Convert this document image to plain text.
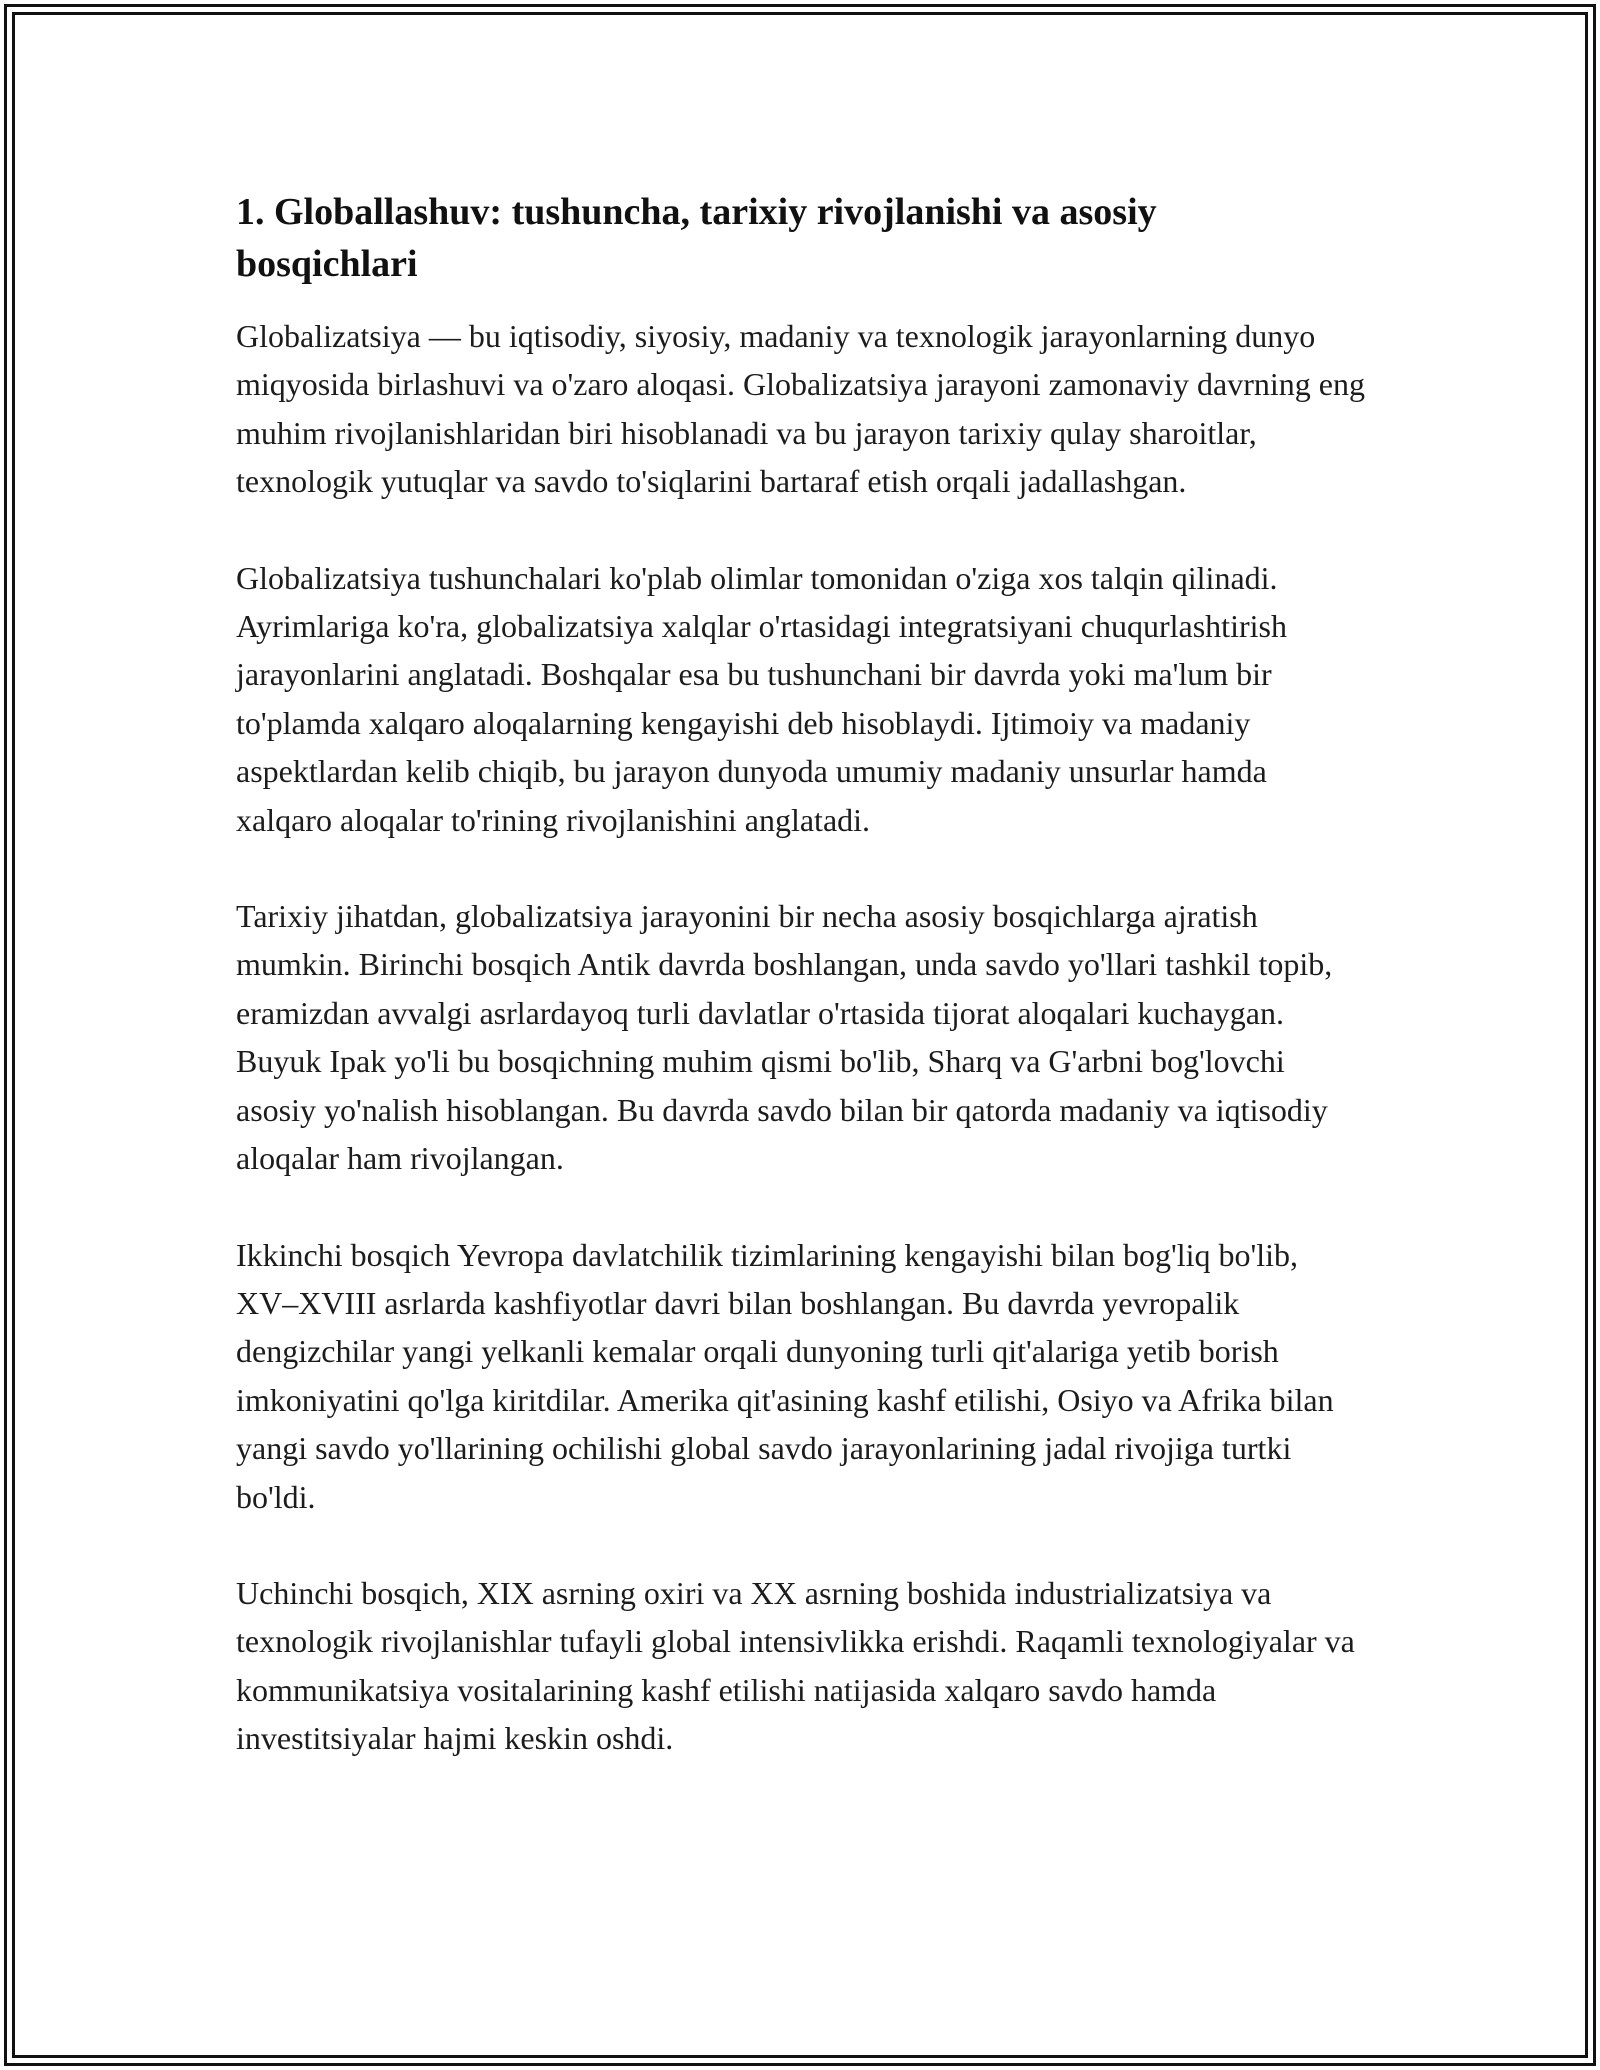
1. Globallashuv: tushuncha, tarixiy rivojlanishi va asosiy bosqichlari

Globalizatsiya — bu iqtisodiy, siyosiy, madaniy va texnologik jarayonlarning dunyo miqyosida birlashuvi va o'zaro aloqasi. Globalizatsiya jarayoni zamonaviy davrning eng muhim rivojlanishlaridan biri hisoblanadi va bu jarayon tarixiy qulay sharoitlar, texnologik yutuqlar va savdo to'siqlarini bartaraf etish orqali jadallashgan.

Globalizatsiya tushunchalari ko'plab olimlar tomonidan o'ziga xos talqin qilinadi. Ayrimlariga ko'ra, globalizatsiya xalqlar o'rtasidagi integratsiyani chuqurlashtirish jarayonlarini anglatadi. Boshqalar esa bu tushunchani bir davrda yoki ma'lum bir to'plamda xalqaro aloqalarning kengayishi deb hisoblaydi. Ijtimoiy va madaniy aspektlardan kelib chiqib, bu jarayon dunyoda umumiy madaniy unsurlar hamda xalqaro aloqalar to'rining rivojlanishini anglatadi.

Tarixiy jihatdan, globalizatsiya jarayonini bir necha asosiy bosqichlarga ajratish mumkin. Birinchi bosqich Antik davrda boshlangan, unda savdo yo'llari tashkil topib, eramizdan avvalgi asrlardayoq turli davlatlar o'rtasida tijorat aloqalari kuchaygan. Buyuk Ipak yo'li bu bosqichning muhim qismi bo'lib, Sharq va G'arbni bog'lovchi asosiy yo'nalish hisoblangan. Bu davrda savdo bilan bir qatorda madaniy va iqtisodiy aloqalar ham rivojlangan.

Ikkinchi bosqich Yevropa davlatchilik tizimlarining kengayishi bilan bog'liq bo'lib, XV–XVIII asrlarda kashfiyotlar davri bilan boshlangan. Bu davrda yevropalik dengizchilar yangi yelkanli kemalar orqali dunyoning turli qit'alariga yetib borish imkoniyatini qo'lga kiritdilar. Amerika qit'asining kashf etilishi, Osiyo va Afrika bilan yangi savdo yo'llarining ochilishi global savdo jarayonlarining jadal rivojiga turtki bo'ldi.

Uchinchi bosqich, XIX asrning oxiri va XX asrning boshida industrializatsiya va texnologik rivojlanishlar tufayli global intensivlikka erishdi. Raqamli texnologiyalar va kommunikatsiya vositalarining kashf etilishi natijasida xalqaro savdo hamda investitsiyalar hajmi keskin oshdi.
